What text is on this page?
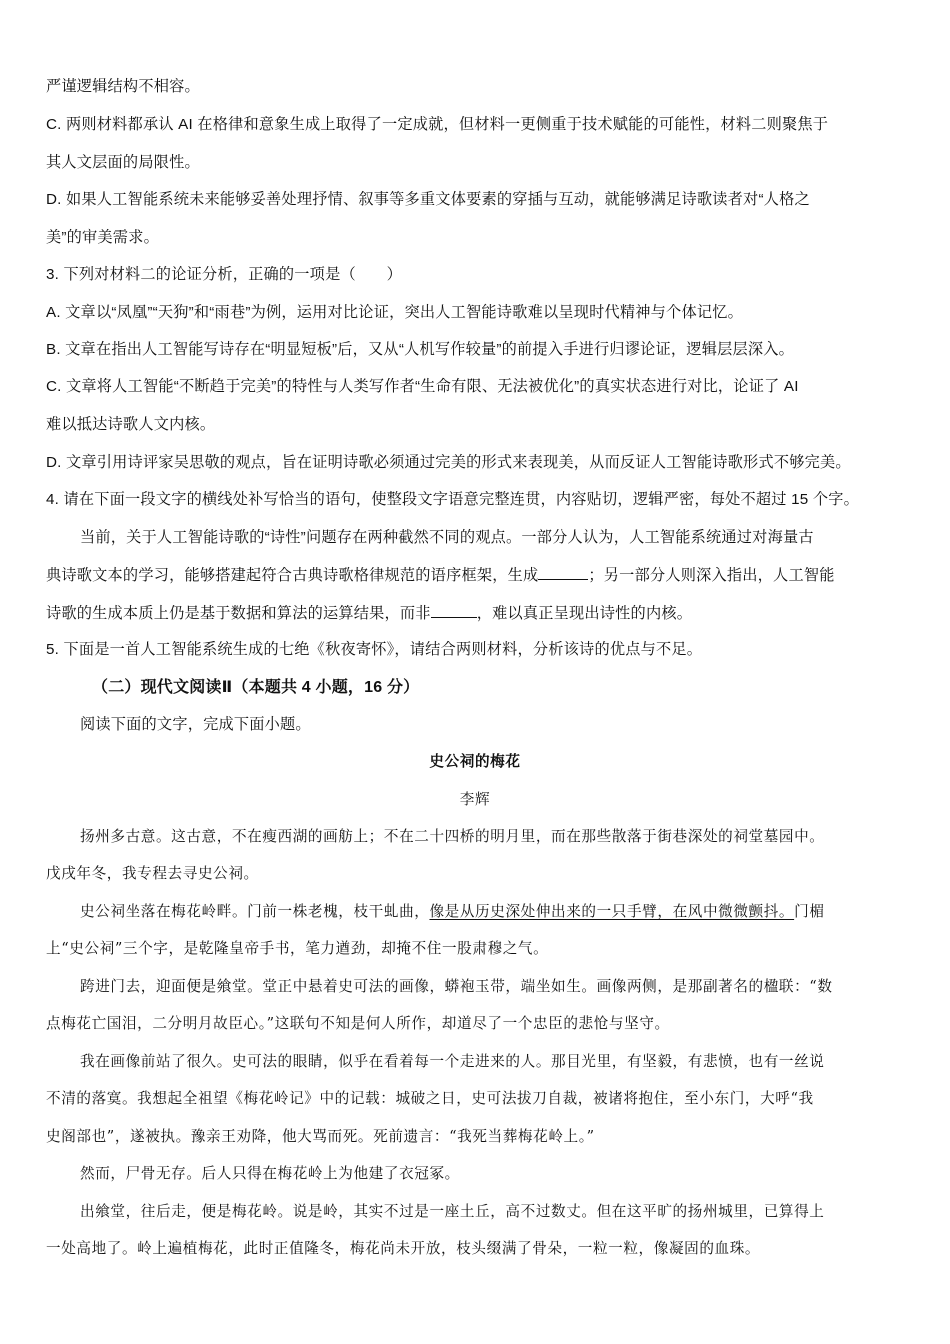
严谨逻辑结构不相容。
C. 两则材料都承认 AI 在格律和意象生成上取得了一定成就，但材料一更侧重于技术赋能的可能性，材料二则聚焦于
其人文层面的局限性。
D. 如果人工智能系统未来能够妥善处理抒情、叙事等多重文体要素的穿插与互动，就能够满足诗歌读者对“人格之
美”的审美需求。
3. 下列对材料二的论证分析，正确的一项是（　　）
A. 文章以“凤凰”“天狗”和“雨巷”为例，运用对比论证，突出人工智能诗歌难以呈现时代精神与个体记忆。
B. 文章在指出人工智能写诗存在“明显短板”后，又从“人机写作较量”的前提入手进行归谬论证，逻辑层层深入。
C. 文章将人工智能“不断趋于完美”的特性与人类写作者“生命有限、无法被优化”的真实状态进行对比，论证了 AI
难以抵达诗歌人文内核。
D. 文章引用诗评家吴思敬的观点，旨在证明诗歌必须通过完美的形式来表现美，从而反证人工智能诗歌形式不够完美。
4. 请在下面一段文字的横线处补写恰当的语句，使整段文字语意完整连贯，内容贴切，逻辑严密，每处不超过 15 个字。
当前，关于人工智能诗歌的“诗性”问题存在两种截然不同的观点。一部分人认为，人工智能系统通过对海量古
典诗歌文本的学习，能够搭建起符合古典诗歌格律规范的语序框架，生成	；另一部分人则深入指出，人工智能
诗歌的生成本质上仍是基于数据和算法的运算结果，而非	，难以真正呈现出诗性的内核。
5. 下面是一首人工智能系统生成的七绝《秋夜寄怀》，请结合两则材料，分析该诗的优点与不足。
（二）现代文阅读Ⅱ（本题共 4 小题，16 分）
阅读下面的文字，完成下面小题。
史公祠的梅花
李辉
扬州多古意。这古意，不在瘦西湖的画舫上；不在二十四桥的明月里，而在那些散落于街巷深处的祠堂墓园中。
戊戌年冬，我专程去寻史公祠。
史公祠坐落在梅花岭畔。门前一株老槐，枝干虬曲，像是从历史深处伸出来的一只手臂，在风中微微颤抖。门楣
上“史公祠”三个字，是乾隆皇帝手书，笔力遒劲，却掩不住一股肃穆之气。
跨进门去，迎面便是飨堂。堂正中悬着史可法的画像，蟒袍玉带，端坐如生。画像两侧，是那副著名的楹联：“数
点梅花亡国泪，二分明月故臣心。”这联句不知是何人所作，却道尽了一个忠臣的悲怆与坚守。
我在画像前站了很久。史可法的眼睛，似乎在看着每一个走进来的人。那目光里，有坚毅，有悲愤，也有一丝说
不清的落寞。我想起全祖望《梅花岭记》中的记载：城破之日，史可法拔刀自裁，被诸将抱住，至小东门，大呼“我
史阁部也”，遂被执。豫亲王劝降，他大骂而死。死前遗言：“我死当葬梅花岭上。”
然而，尸骨无存。后人只得在梅花岭上为他建了衣冠冢。
出飨堂，往后走，便是梅花岭。说是岭，其实不过是一座土丘，高不过数丈。但在这平旷的扬州城里，已算得上
一处高地了。岭上遍植梅花，此时正值隆冬，梅花尚未开放，枝头缀满了骨朵，一粒一粒，像凝固的血珠。
